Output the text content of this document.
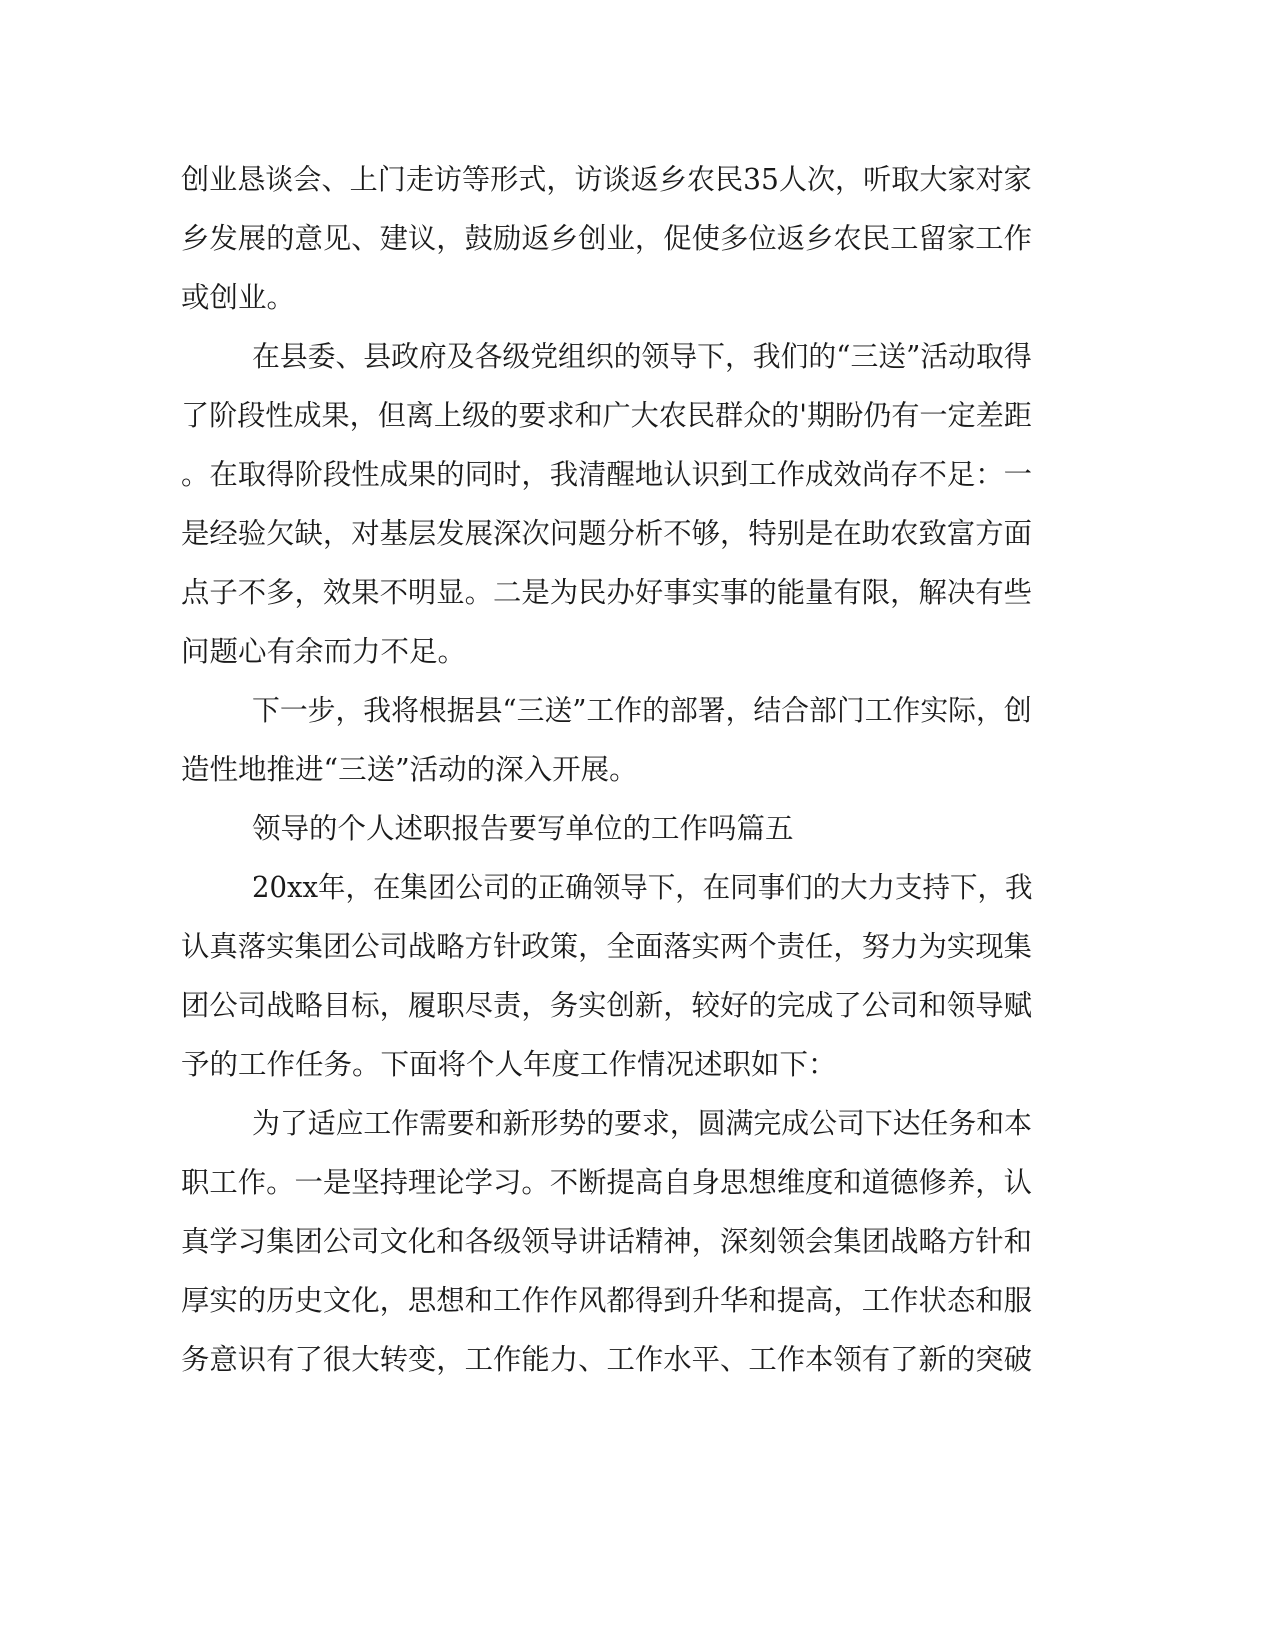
创业恳谈会、上门走访等形式，访谈返乡农民35人次，听取大家对家
乡发展的意见、建议，鼓励返乡创业，促使多位返乡农民工留家工作
或创业。
在县委、县政府及各级党组织的领导下，我们的“三送”活动取得
了阶段性成果，但离上级的要求和广大农民群众的'期盼仍有一定差距
。在取得阶段性成果的同时，我清醒地认识到工作成效尚存不足：一
是经验欠缺，对基层发展深次问题分析不够，特别是在助农致富方面
点子不多，效果不明显。二是为民办好事实事的能量有限，解决有些
问题心有余而力不足。
下一步，我将根据县“三送”工作的部署，结合部门工作实际，创
造性地推进“三送”活动的深入开展。
领导的个人述职报告要写单位的工作吗篇五
20xx年，在集团公司的正确领导下，在同事们的大力支持下，我
认真落实集团公司战略方针政策，全面落实两个责任，努力为实现集
团公司战略目标，履职尽责，务实创新，较好的完成了公司和领导赋
予的工作任务。下面将个人年度工作情况述职如下：
为了适应工作需要和新形势的要求，圆满完成公司下达任务和本
职工作。一是坚持理论学习。不断提高自身思想维度和道德修养，认
真学习集团公司文化和各级领导讲话精神，深刻领会集团战略方针和
厚实的历史文化，思想和工作作风都得到升华和提高，工作状态和服
务意识有了很大转变，工作能力、工作水平、工作本领有了新的突破
